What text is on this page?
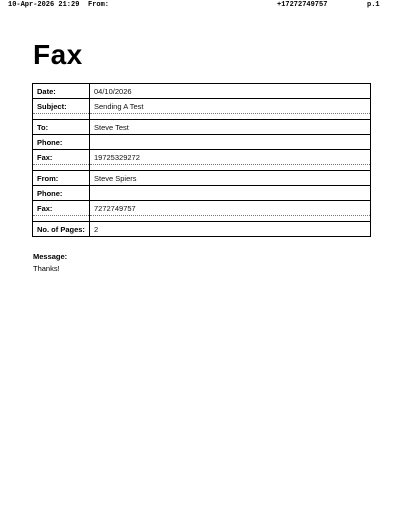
10-Apr-2026 21:29 From:	+17272749757	p.1
Fax
Date:	04/10/2026
Subject:	Sending A Test

To:	Steve Test
Phone:	
Fax:	19725329272

From:	Steve Spiers
Phone:	
Fax:	7272749757

No. of Pages:	2
Message:
Thanks!
